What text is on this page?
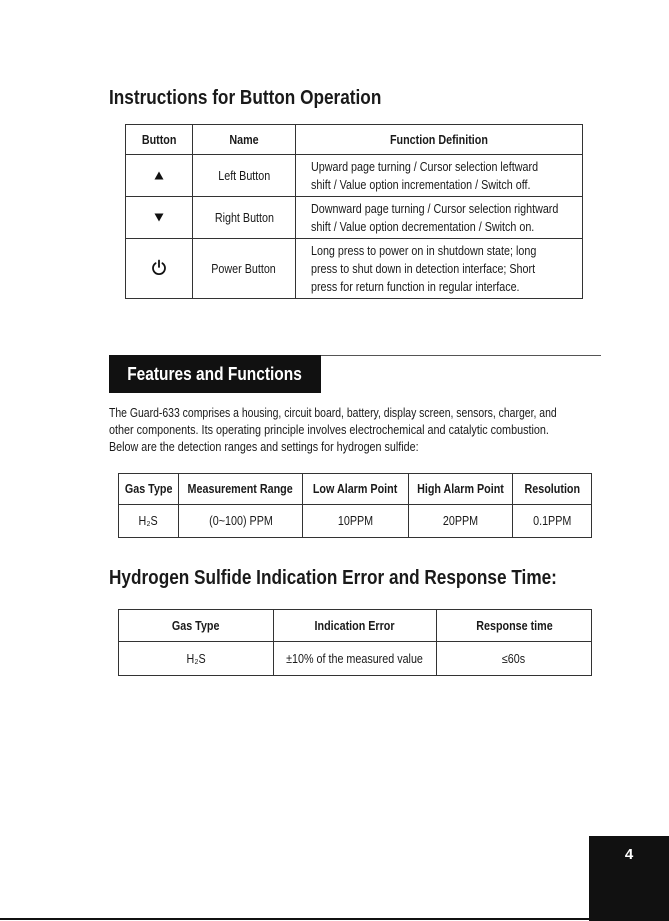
Instructions for Button Operation
Button	Name	Function Definition
	Left Button	Upward page turning / Cursor selection leftward
shift / Value option incrementation / Switch off.

	Right Button	Downward page turning / Cursor selection rightward
shift / Value option decrementation / Switch on.

	Power Button	Long press to power on in shutdown state; long
press to shut down in detection interface; Short
press for return function in regular interface.
Features and Functions
The Guard-633 comprises a housing, circuit board, battery, display screen, sensors, charger, and
other components. Its operating principle involves electrochemical and catalytic combustion.
Below are the detection ranges and settings for hydrogen sulfide:
Gas Type	Measurement Range	Low Alarm Point	High Alarm Point	Resolution
H₂S	(0~100) PPM	10PPM	20PPM	0.1PPM
Hydrogen Sulfide Indication Error and Response Time:
Gas Type	Indication Error	Response time
H₂S	±10% of the measured value	≤60s
4
